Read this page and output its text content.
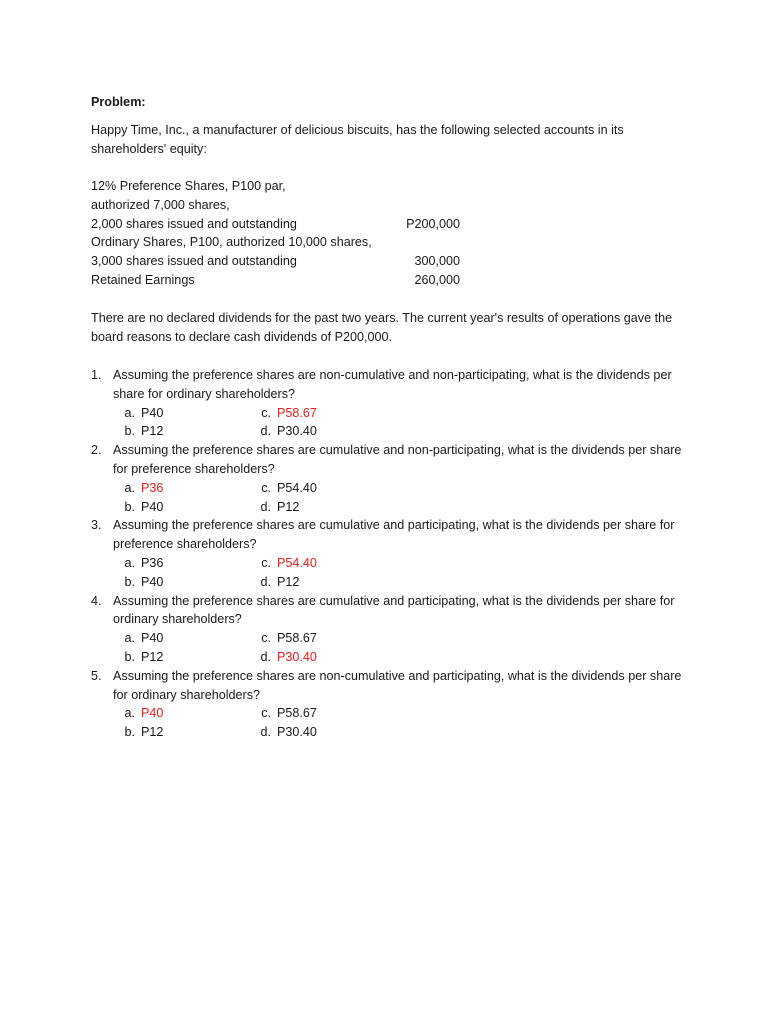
Problem:
Happy Time, Inc., a manufacturer of delicious biscuits, has the following selected accounts in its shareholders' equity:
12% Preference Shares, P100 par,
authorized 7,000 shares,
2,000 shares issued and outstanding	P200,000
Ordinary Shares, P100, authorized 10,000 shares,
3,000 shares issued and outstanding	300,000
Retained Earnings	260,000
There are no declared dividends for the past two years. The current year's results of operations gave the board reasons to declare cash dividends of P200,000.
1. Assuming the preference shares are non-cumulative and non-participating, what is the dividends per share for ordinary shareholders?
a. P40
b. P12
c. P58.67
d. P30.40
2. Assuming the preference shares are cumulative and non-participating, what is the dividends per share for preference shareholders?
a. P36
b. P40
c. P54.40
d. P12
3. Assuming the preference shares are cumulative and participating, what is the dividends per share for preference shareholders?
a. P36
b. P40
c. P54.40
d. P12
4. Assuming the preference shares are cumulative and participating, what is the dividends per share for ordinary shareholders?
a. P40
b. P12
c. P58.67
d. P30.40
5. Assuming the preference shares are non-cumulative and participating, what is the dividends per share for ordinary shareholders?
a. P40
b. P12
c. P58.67
d. P30.40
